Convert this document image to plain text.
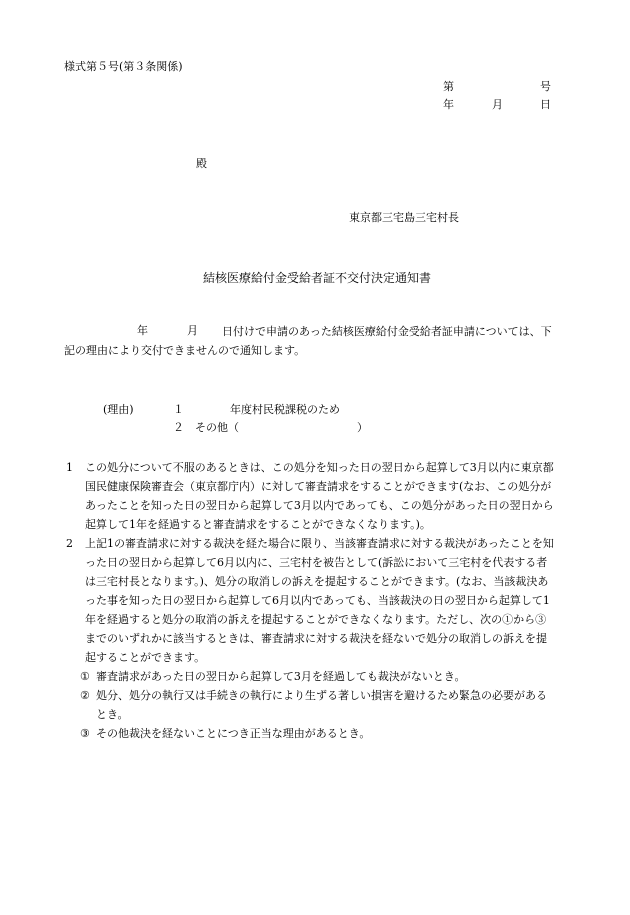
様式第５号(第３条関係)
第	号
年	月	日
殿
東京都三宅島三宅村長
結核医療給付金受給者証不交付決定通知書
年	月	日付けで申請のあった結核医療給付金受給者証申請については、下記の理由により交付できませんので通知します。
(理由)	１	年度村民税課税のため
２ その他（	）
1 この処分について不服のあるときは、この処分を知った日の翌日から起算して3月以内に東京都国民健康保険審査会（東京都庁内）に対して審査請求をすることができます(なお、この処分があったことを知った日の翌日から起算して3月以内であっても、この処分があった日の翌日から起算して1年を経過すると審査請求をすることができなくなります。)。
2 上記1の審査請求に対する裁決を経た場合に限り、当該審査請求に対する裁決があったことを知った日の翌日から起算して6月以内に、三宅村を被告として(訴訟において三宅村を代表する者は三宅村長となります。)、処分の取消しの訴えを提起することができます。(なお、当該裁決あった事を知った日の翌日から起算して6月以内であっても、当該裁決の日の翌日から起算して1年を経過すると処分の取消の訴えを提起することができなくなります。ただし、次の①から③までのいずれかに該当するときは、審査請求に対する裁決を経ないで処分の取消しの訴えを提起することができます。
① 審査請求があった日の翌日から起算して3月を経過しても裁決がないとき。
② 処分、処分の執行又は手続きの執行により生ずる著しい損害を避けるため緊急の必要があるとき。
③ その他裁決を経ないことにつき正当な理由があるとき。
